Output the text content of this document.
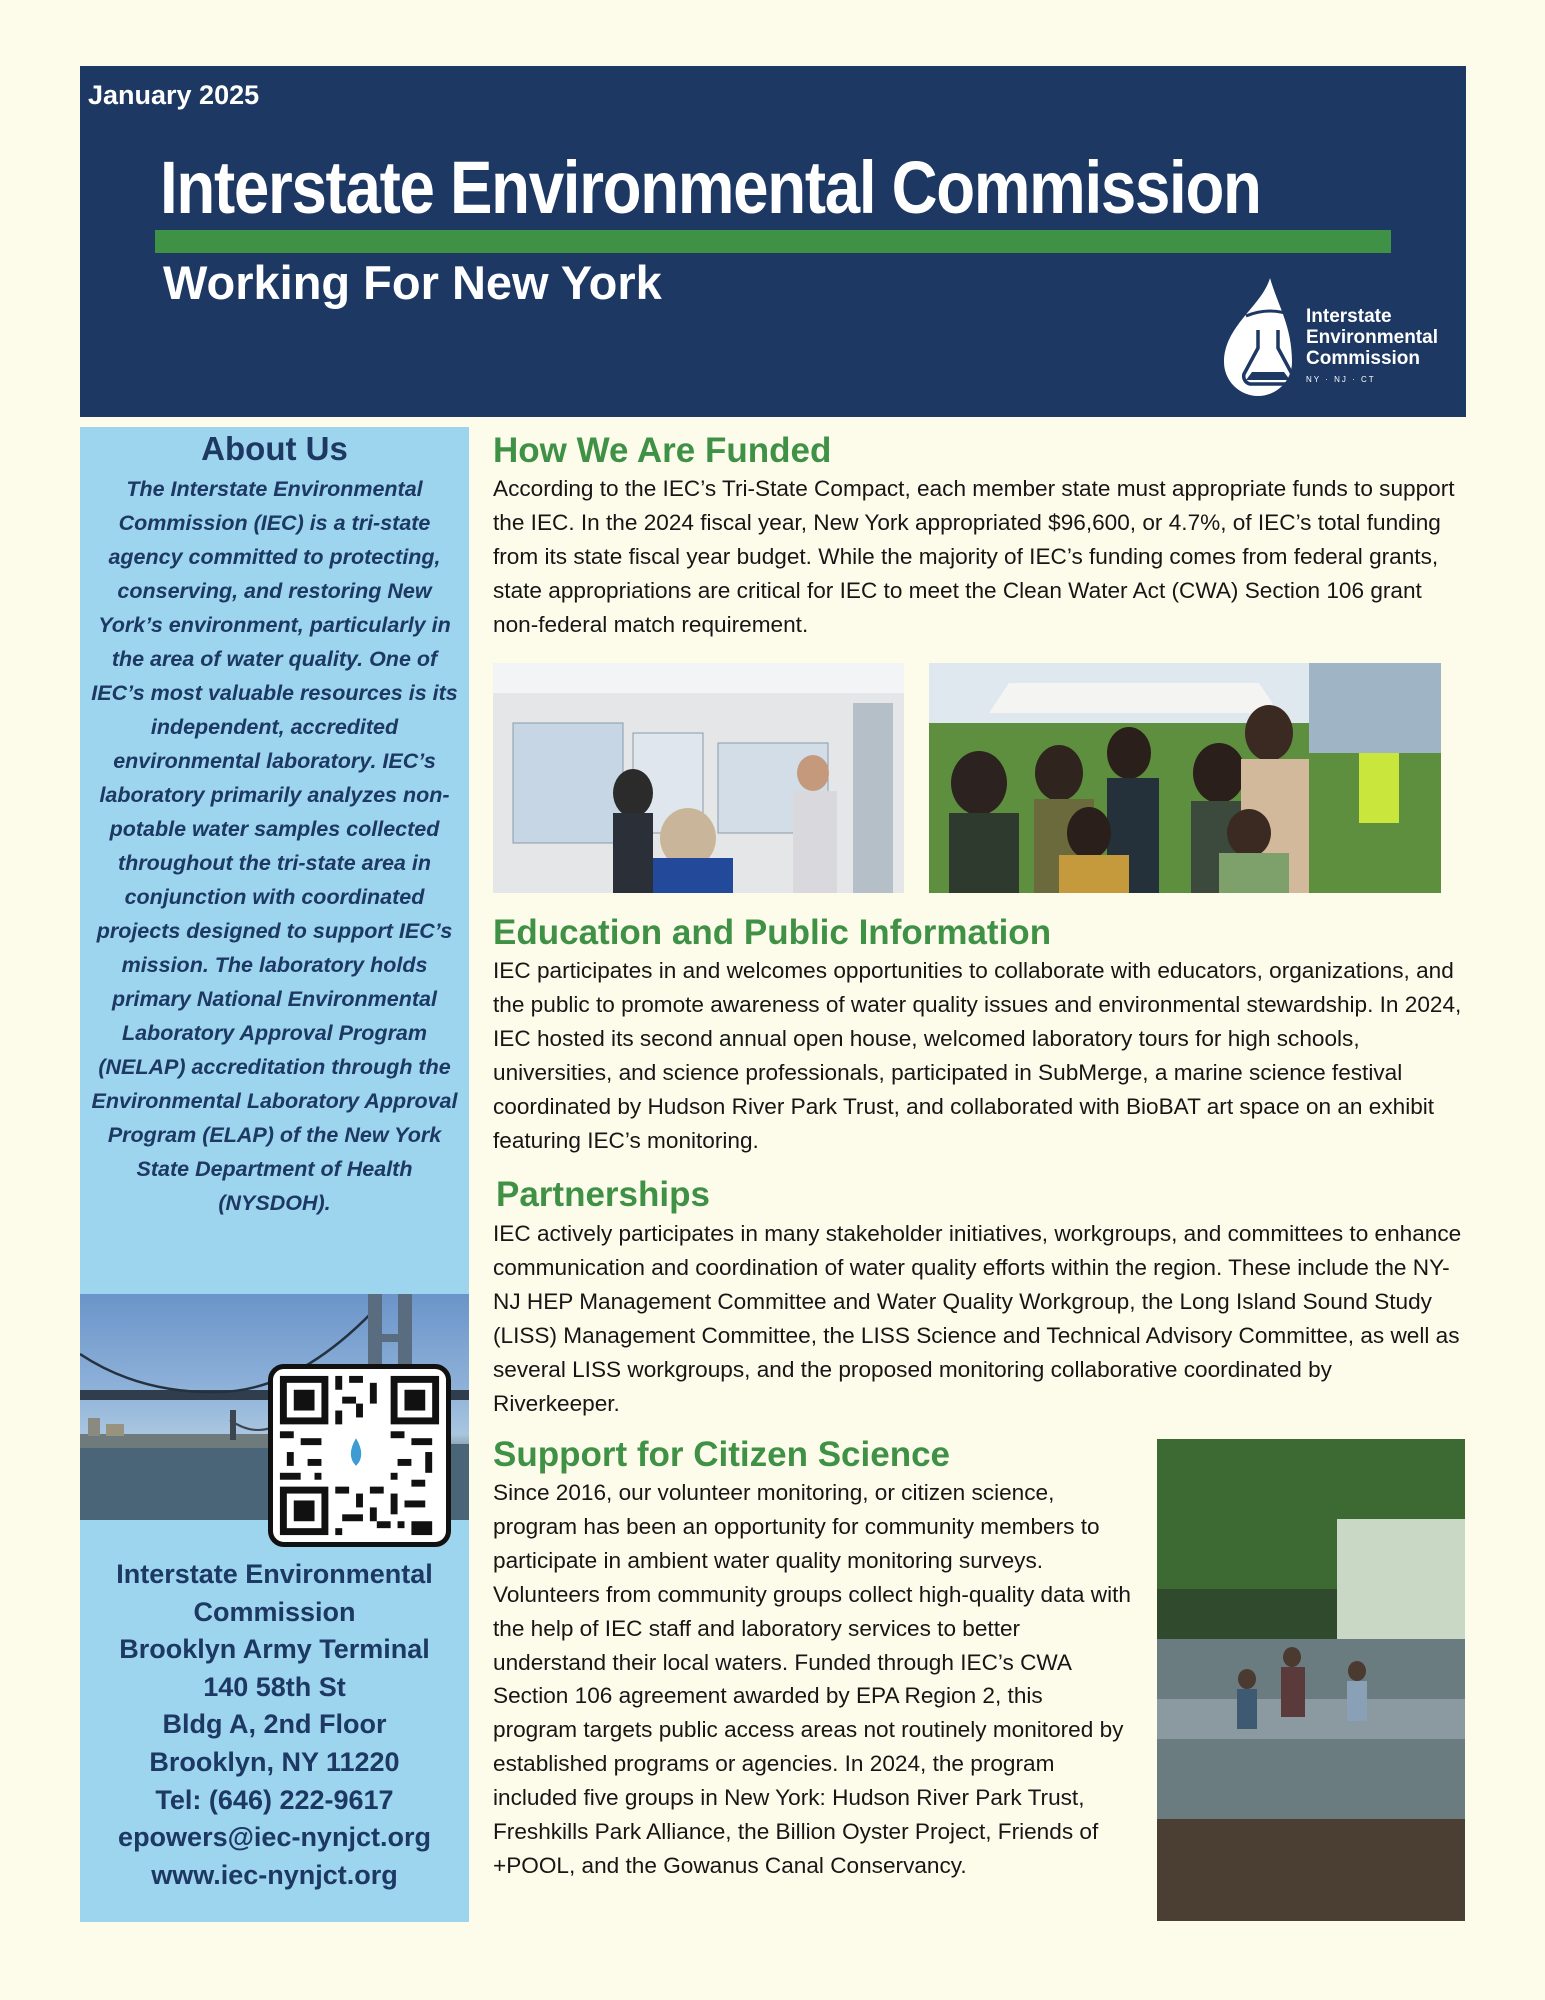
January 2025
Interstate Environmental Commission
Working For New York
Interstate
Environmental
Commission
NY · NJ · CT
About Us
The Interstate Environmental Commission (IEC) is a tri-state agency committed to protecting, conserving, and restoring New York’s environment, particularly in the area of water quality. One of IEC’s most valuable resources is its independent, accredited environmental laboratory. IEC’s laboratory primarily analyzes non-potable water samples collected throughout the tri-state area in conjunction with coordinated projects designed to support IEC’s mission. The laboratory holds primary National Environmental Laboratory Approval Program (NELAP) accreditation through the Environmental Laboratory Approval Program (ELAP) of the New York State Department of Health (NYSDOH).
Interstate Environmental
Commission
Brooklyn Army Terminal
140 58th St
Bldg A, 2nd Floor
Brooklyn, NY 11220
Tel: (646) 222-9617
epowers@iec-nynjct.org
www.iec-nynjct.org
How We Are Funded
According to the IEC’s Tri-State Compact, each member state must appropriate funds to support the IEC. In the 2024 fiscal year, New York appropriated $96,600, or 4.7%, of IEC’s total funding from its state fiscal year budget. While the majority of IEC’s funding comes from federal grants, state appropriations are critical for IEC to meet the Clean Water Act (CWA) Section 106 grant non-federal match requirement.
Education and Public Information
IEC participates in and welcomes opportunities to collaborate with educators, organizations, and the public to promote awareness of water quality issues and environmental stewardship. In 2024, IEC hosted its second annual open house, welcomed laboratory tours for high schools, universities, and science professionals, participated in SubMerge, a marine science festival coordinated by Hudson River Park Trust, and collaborated with BioBAT art space on an exhibit featuring IEC’s monitoring.
Partnerships
IEC actively participates in many stakeholder initiatives, workgroups, and committees to enhance communication and coordination of water quality efforts within the region. These include the NY-NJ HEP Management Committee and Water Quality Workgroup, the Long Island Sound Study (LISS) Management Committee, the LISS Science and Technical Advisory Committee, as well as several LISS workgroups, and the proposed monitoring collaborative coordinated by Riverkeeper.
Support for Citizen Science
Since 2016, our volunteer monitoring, or citizen science, program has been an opportunity for community members to participate in ambient water quality monitoring surveys. Volunteers from community groups collect high-quality data with the help of IEC staff and laboratory services to better understand their local waters. Funded through IEC’s CWA Section 106 agreement awarded by EPA Region 2, this program targets public access areas not routinely monitored by established programs or agencies. In 2024, the program included five groups in New York: Hudson River Park Trust, Freshkills Park Alliance, the Billion Oyster Project, Friends of +POOL, and the Gowanus Canal Conservancy.
